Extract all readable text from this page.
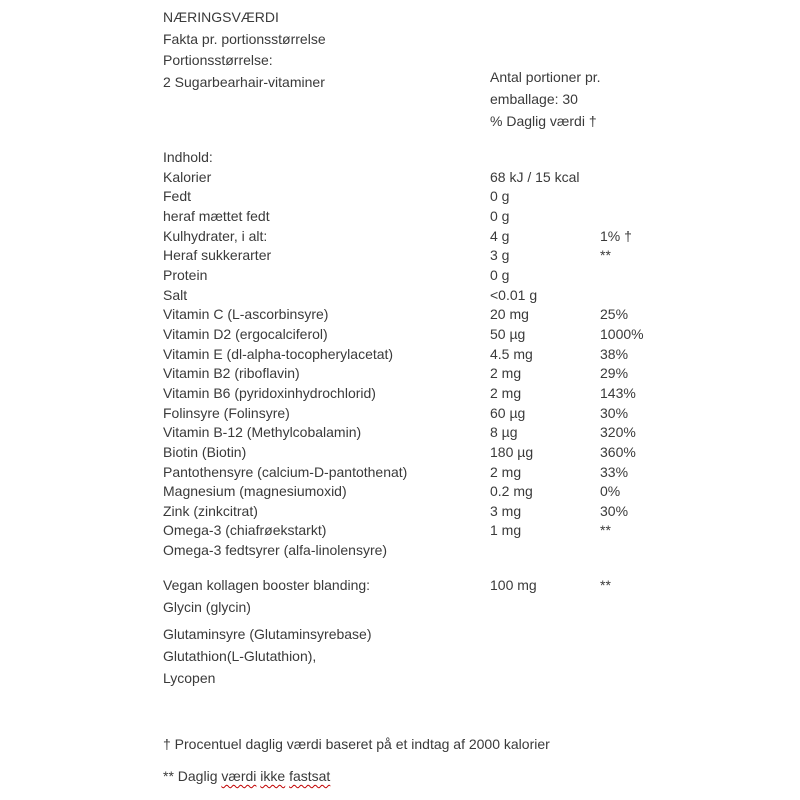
NÆRINGSVÆRDI
Fakta pr. portionsstørrelse
Portionsstørrelse:
2 Sugarbearhair-vitaminer	Antal portioner pr.
emballage: 30
% Daglig værdi †
Indhold:
Kalorier	68 kJ / 15 kcal
Fedt	0 g
heraf mættet fedt	0 g
Kulhydrater, i alt:	4 g	1% †
Heraf sukkerarter	3 g	**
Protein	0 g
Salt	<0.01 g
Vitamin C (L-ascorbinsyre)	20 mg	25%
Vitamin D2 (ergocalciferol)	50 µg	1000%
Vitamin E (dl-alpha-tocopherylacetat)	4.5 mg	38%
Vitamin B2 (riboflavin)	2 mg	29%
Vitamin B6 (pyridoxinhydrochlorid)	2 mg	143%
Folinsyre (Folinsyre)	60 µg	30%
Vitamin B-12 (Methylcobalamin)	8 µg	320%
Biotin (Biotin)	180 µg	360%
Pantothensyre (calcium-D-pantothenat)	2 mg	33%
Magnesium (magnesiumoxid)	0.2 mg	0%
Zink (zinkcitrat)	3 mg	30%
Omega-3 (chiafrøekstarkt)	1 mg	**
Omega-3 fedtsyrer (alfa-linolensyre)
Vegan kollagen booster blanding:	100 mg	**
Glycin (glycin)
Glutaminsyre (Glutaminsyrebase)
Glutathion(L-Glutathion),
Lycopen
† Procentuel daglig værdi baseret på et indtag af 2000 kalorier
** Daglig værdi ikke fastsat
